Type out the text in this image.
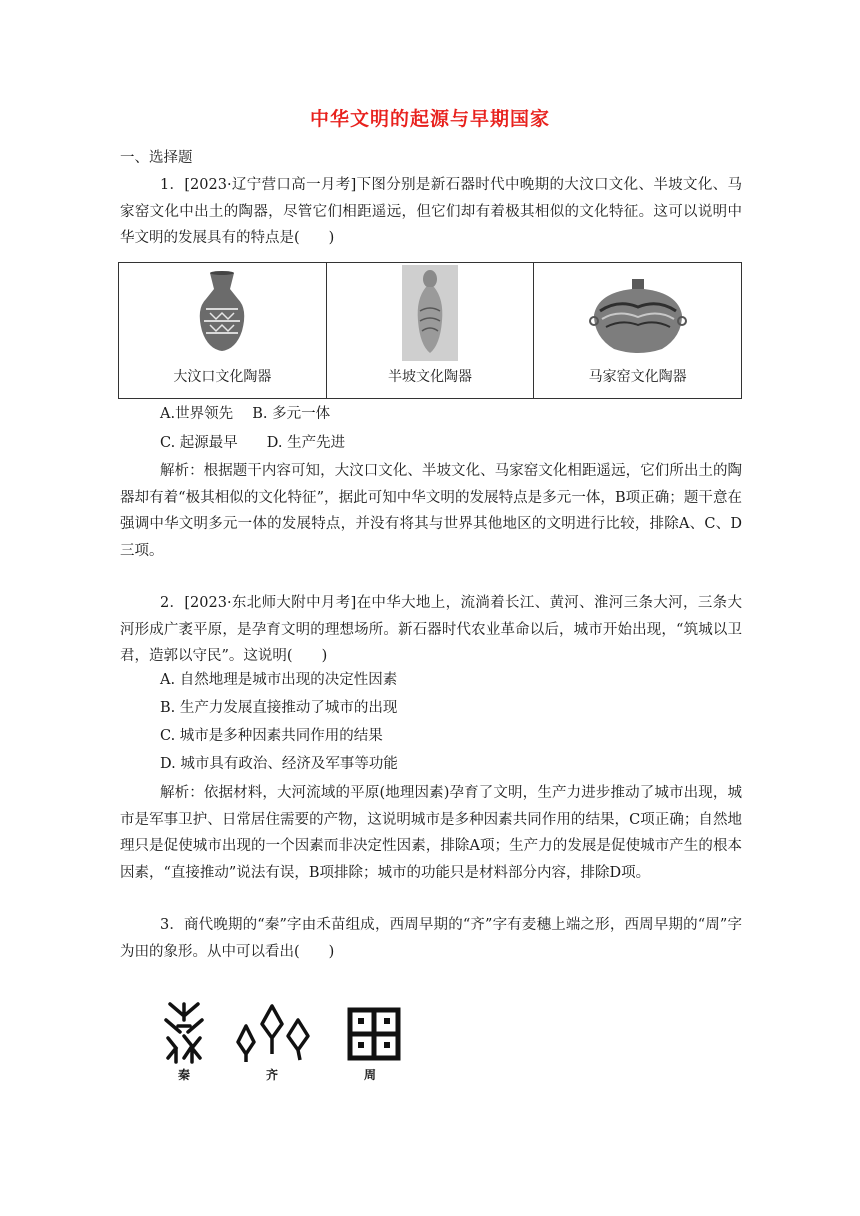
中华文明的起源与早期国家
一、选择题
1．[2023·辽宁营口高一月考]下图分别是新石器时代中晚期的大汶口文化、半坡文化、马家窑文化中出土的陶器，尽管它们相距遥远，但它们却有着极其相似的文化特征。这可以说明中华文明的发展具有的特点是(　　)
大汶口文化陶器	半坡文化陶器	马家窑文化陶器
A.世界领先　 B. 多元一体
C. 起源最早　　D. 生产先进
解析：根据题干内容可知，大汶口文化、半坡文化、马家窑文化相距遥远，它们所出土的陶器却有着“极其相似的文化特征”，据此可知中华文明的发展特点是多元一体，B项正确；题干意在强调中华文明多元一体的发展特点，并没有将其与世界其他地区的文明进行比较，排除A、C、D三项。
2．[2023·东北师大附中月考]在中华大地上，流淌着长江、黄河、淮河三条大河，三条大河形成广袤平原，是孕育文明的理想场所。新石器时代农业革命以后，城市开始出现，“筑城以卫君，造郭以守民”。这说明(　　)
A. 自然地理是城市出现的决定性因素
B. 生产力发展直接推动了城市的出现
C. 城市是多种因素共同作用的结果
D. 城市具有政治、经济及军事等功能
解析：依据材料，大河流域的平原(地理因素)孕育了文明，生产力进步推动了城市出现，城市是军事卫护、日常居住需要的产物，这说明城市是多种因素共同作用的结果，C项正确；自然地理只是促使城市出现的一个因素而非决定性因素，排除A项；生产力的发展是促使城市产生的根本因素，“直接推动”说法有误，B项排除；城市的功能只是材料部分内容，排除D项。
3．商代晚期的“秦”字由禾苗组成，西周早期的“齐”字有麦穗上端之形，西周早期的“周”字为田的象形。从中可以看出(　　)
秦	齐	周
